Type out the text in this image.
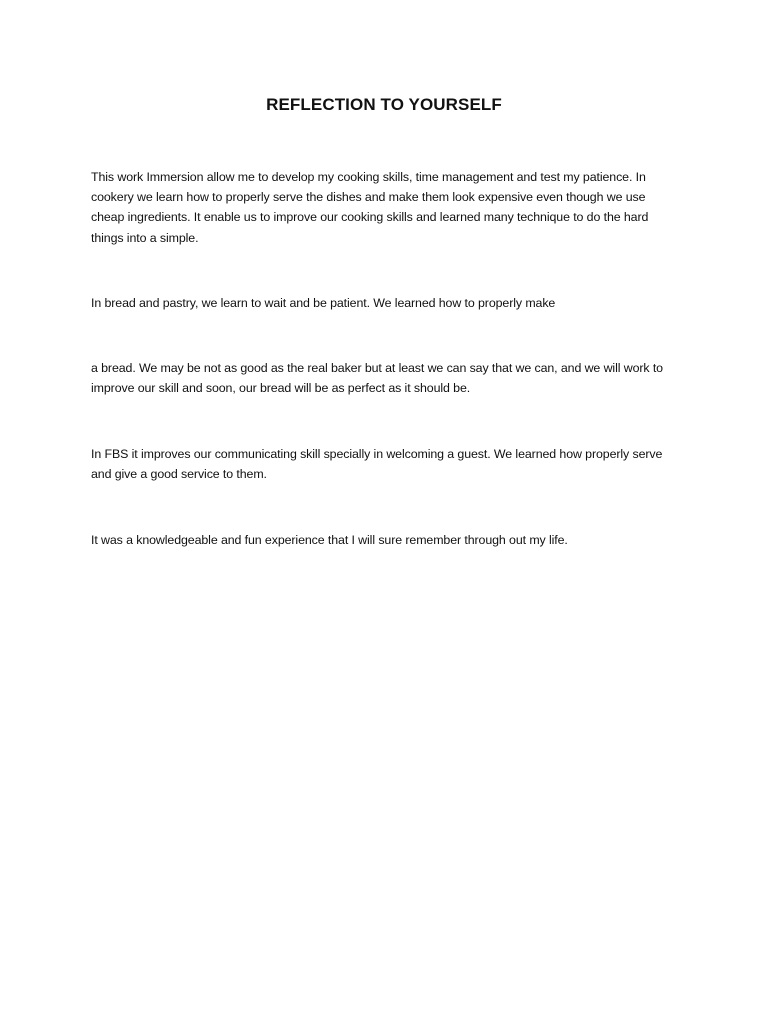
REFLECTION TO YOURSELF

This work Immersion allow me to develop my cooking skills, time management and test my patience. In cookery we learn how to properly serve the dishes and make them look expensive even though we use cheap ingredients. It enable us to improve our cooking skills and learned many technique to do the hard things into a simple.

In bread and pastry, we learn to wait and be patient. We learned how to properly make

a bread. We may be not as good as the real baker but at least we can say that we can, and we will work to improve our skill and soon, our bread will be as perfect as it should be.

In FBS it improves our communicating skill specially in welcoming a guest. We learned how properly serve and give a good service to them.

It was a knowledgeable and fun experience that I will sure remember through out my life.
